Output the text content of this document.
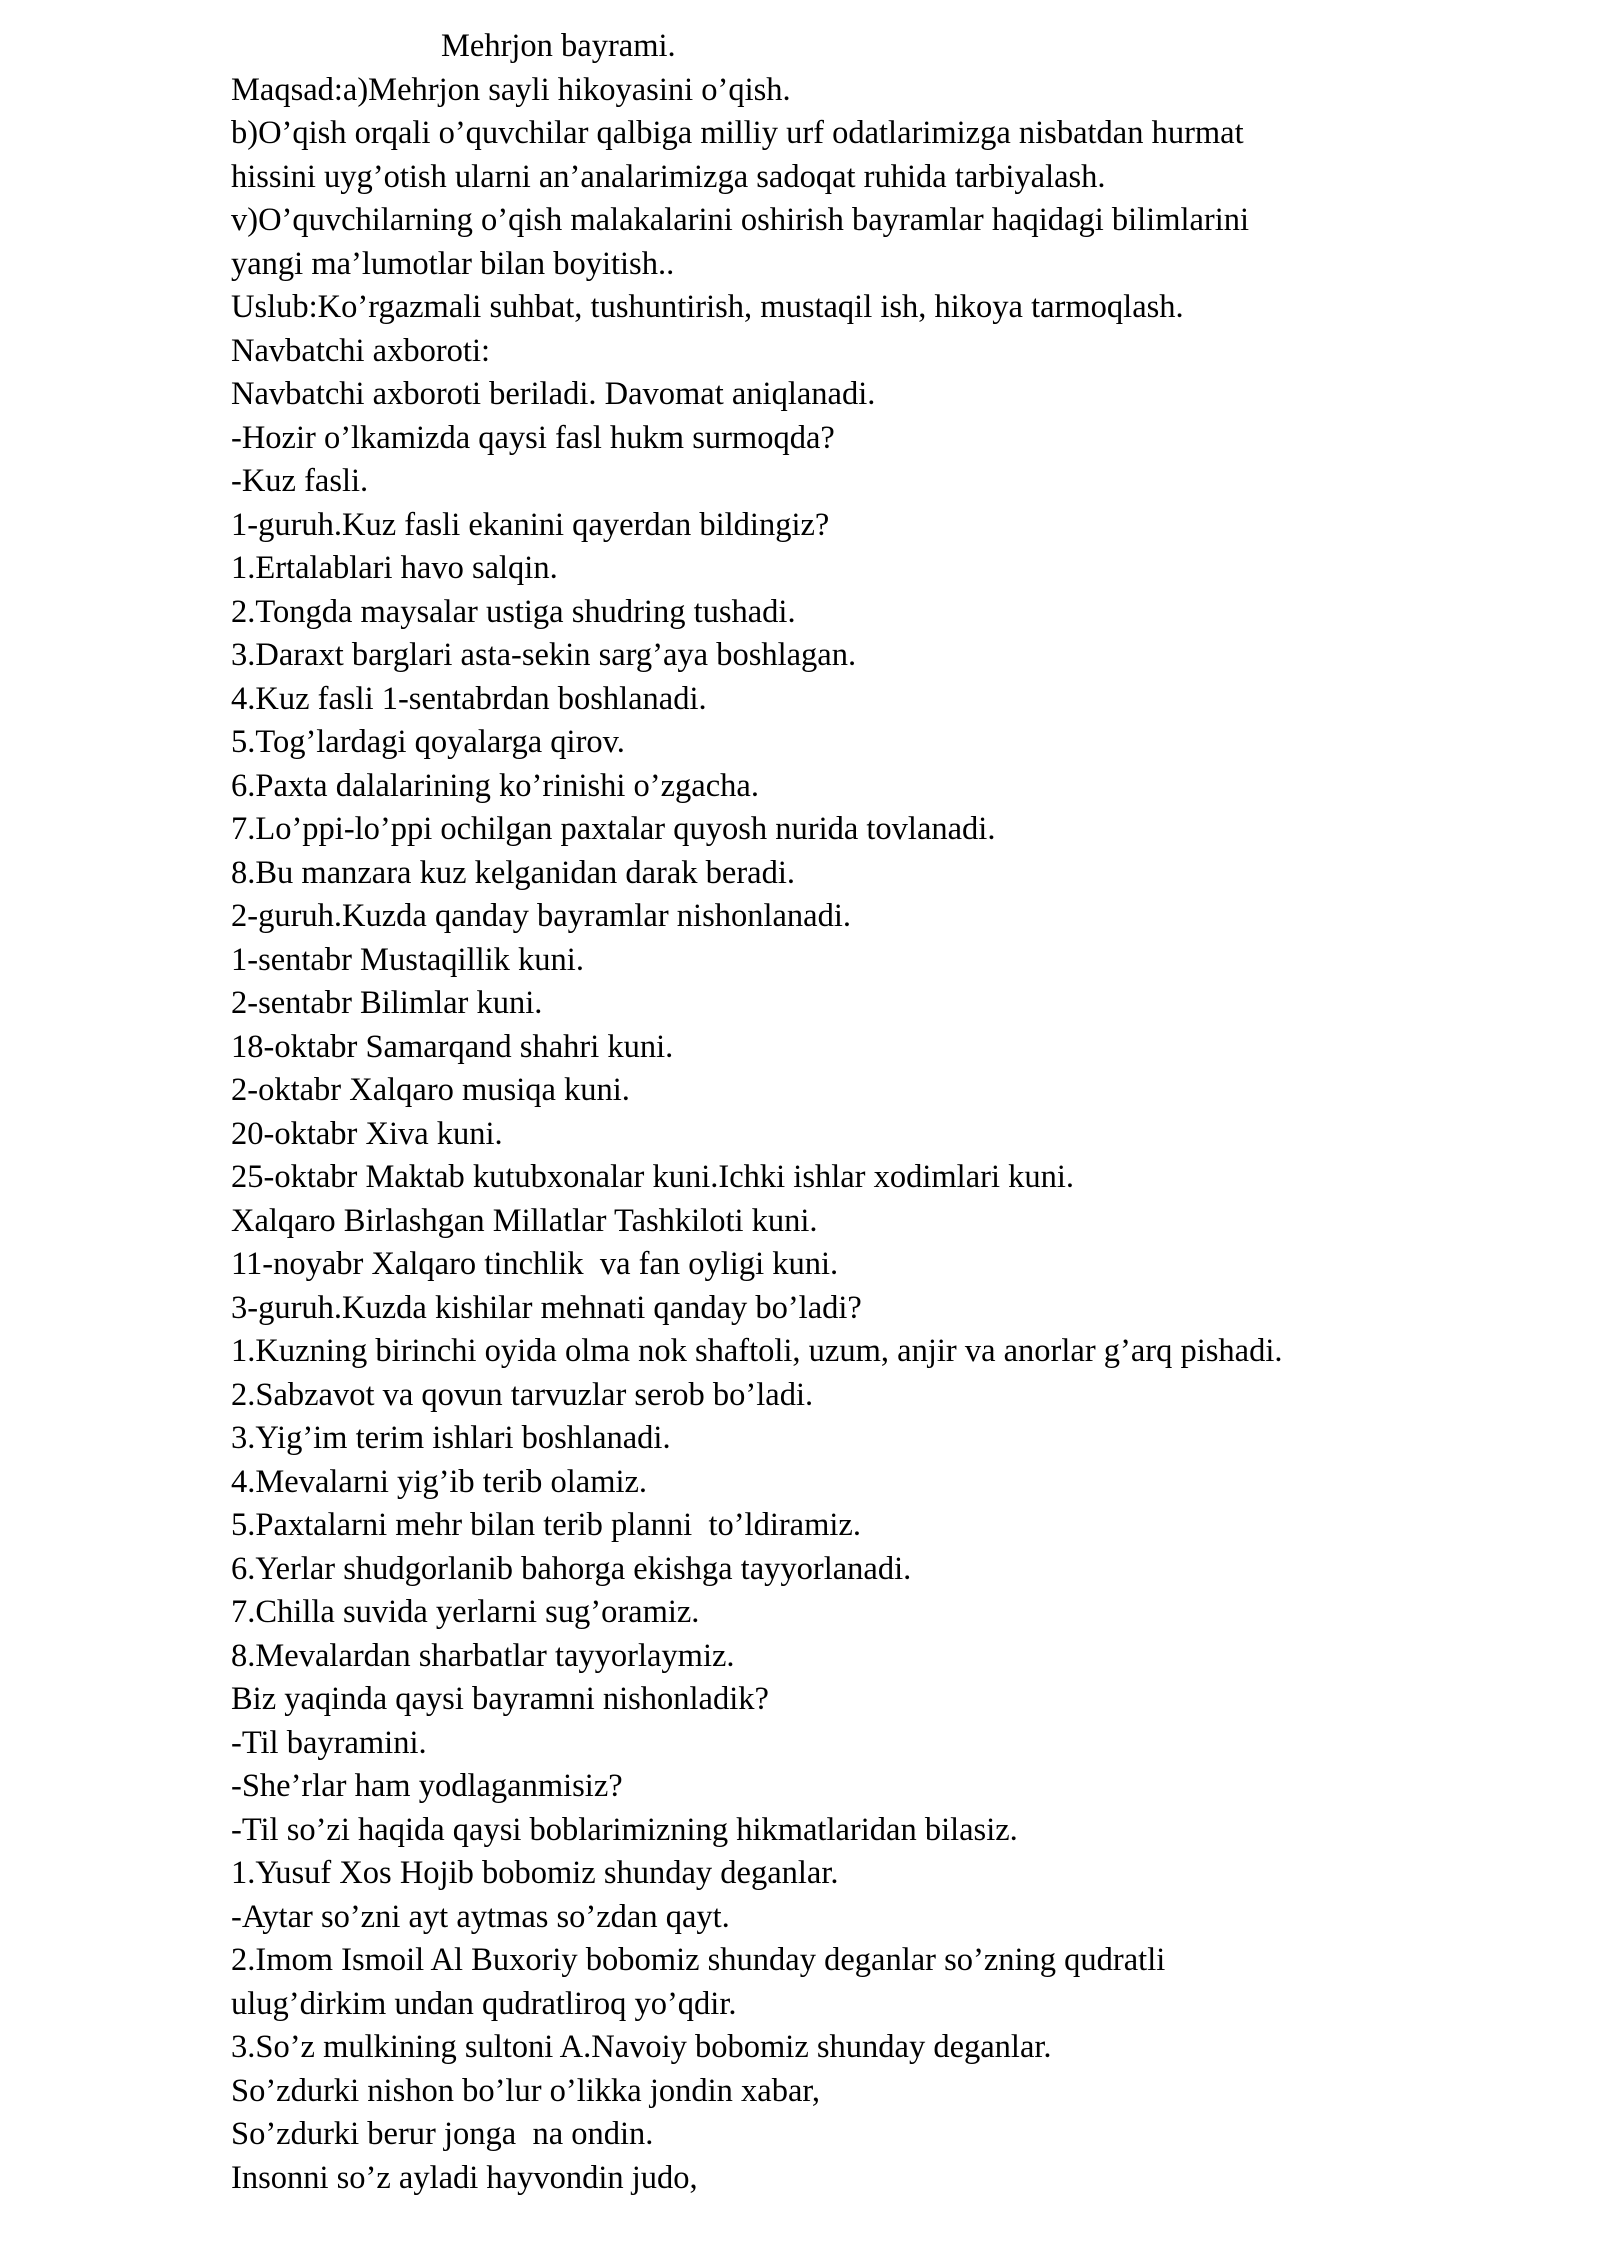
Mehrjon bayrami.
Maqsad:a)Mehrjon sayli hikoyasini o’qish.
b)O’qish orqali o’quvchilar qalbiga milliy urf odatlarimizga nisbatdan hurmat
hissini uyg’otish ularni an’analarimizga sadoqat ruhida tarbiyalash.
v)O’quvchilarning o’qish malakalarini oshirish bayramlar haqidagi bilimlarini
yangi ma’lumotlar bilan boyitish..
Uslub:Ko’rgazmali suhbat, tushuntirish, mustaqil ish, hikoya tarmoqlash.
Navbatchi axboroti:
Navbatchi axboroti beriladi. Davomat aniqlanadi.
-Hozir o’lkamizda qaysi fasl hukm surmoqda?
-Kuz fasli.
1-guruh.Kuz fasli ekanini qayerdan bildingiz?
1.Ertalablari havo salqin.
2.Tongda maysalar ustiga shudring tushadi.
3.Daraxt barglari asta-sekin sarg’aya boshlagan.
4.Kuz fasli 1-sentabrdan boshlanadi.
5.Tog’lardagi qoyalarga qirov.
6.Paxta dalalarining ko’rinishi o’zgacha.
7.Lo’ppi-lo’ppi ochilgan paxtalar quyosh nurida tovlanadi.
8.Bu manzara kuz kelganidan darak beradi.
2-guruh.Kuzda qanday bayramlar nishonlanadi.
1-sentabr Mustaqillik kuni.
2-sentabr Bilimlar kuni.
18-oktabr Samarqand shahri kuni.
2-oktabr Xalqaro musiqa kuni.
20-oktabr Xiva kuni.
25-oktabr Maktab kutubxonalar kuni.Ichki ishlar xodimlari kuni.
Xalqaro Birlashgan Millatlar Tashkiloti kuni.
11-noyabr Xalqaro tinchlik  va fan oyligi kuni.
3-guruh.Kuzda kishilar mehnati qanday bo’ladi?
1.Kuzning birinchi oyida olma nok shaftoli, uzum, anjir va anorlar g’arq pishadi.
2.Sabzavot va qovun tarvuzlar serob bo’ladi.
3.Yig’im terim ishlari boshlanadi.
4.Mevalarni yig’ib terib olamiz.
5.Paxtalarni mehr bilan terib planni  to’ldiramiz.
6.Yerlar shudgorlanib bahorga ekishga tayyorlanadi.
7.Chilla suvida yerlarni sug’oramiz.
8.Mevalardan sharbatlar tayyorlaymiz.
Biz yaqinda qaysi bayramni nishonladik?
-Til bayramini.
-She’rlar ham yodlaganmisiz?
-Til so’zi haqida qaysi boblarimizning hikmatlaridan bilasiz.
1.Yusuf Xos Hojib bobomiz shunday deganlar.
-Aytar so’zni ayt aytmas so’zdan qayt.
2.Imom Ismoil Al Buxoriy bobomiz shunday deganlar so’zning qudratli
ulug’dirkim undan qudratliroq yo’qdir.
3.So’z mulkining sultoni A.Navoiy bobomiz shunday deganlar.
So’zdurki nishon bo’lur o’likka jondin xabar,
So’zdurki berur jonga  na ondin.
Insonni so’z ayladi hayvondin judo,
